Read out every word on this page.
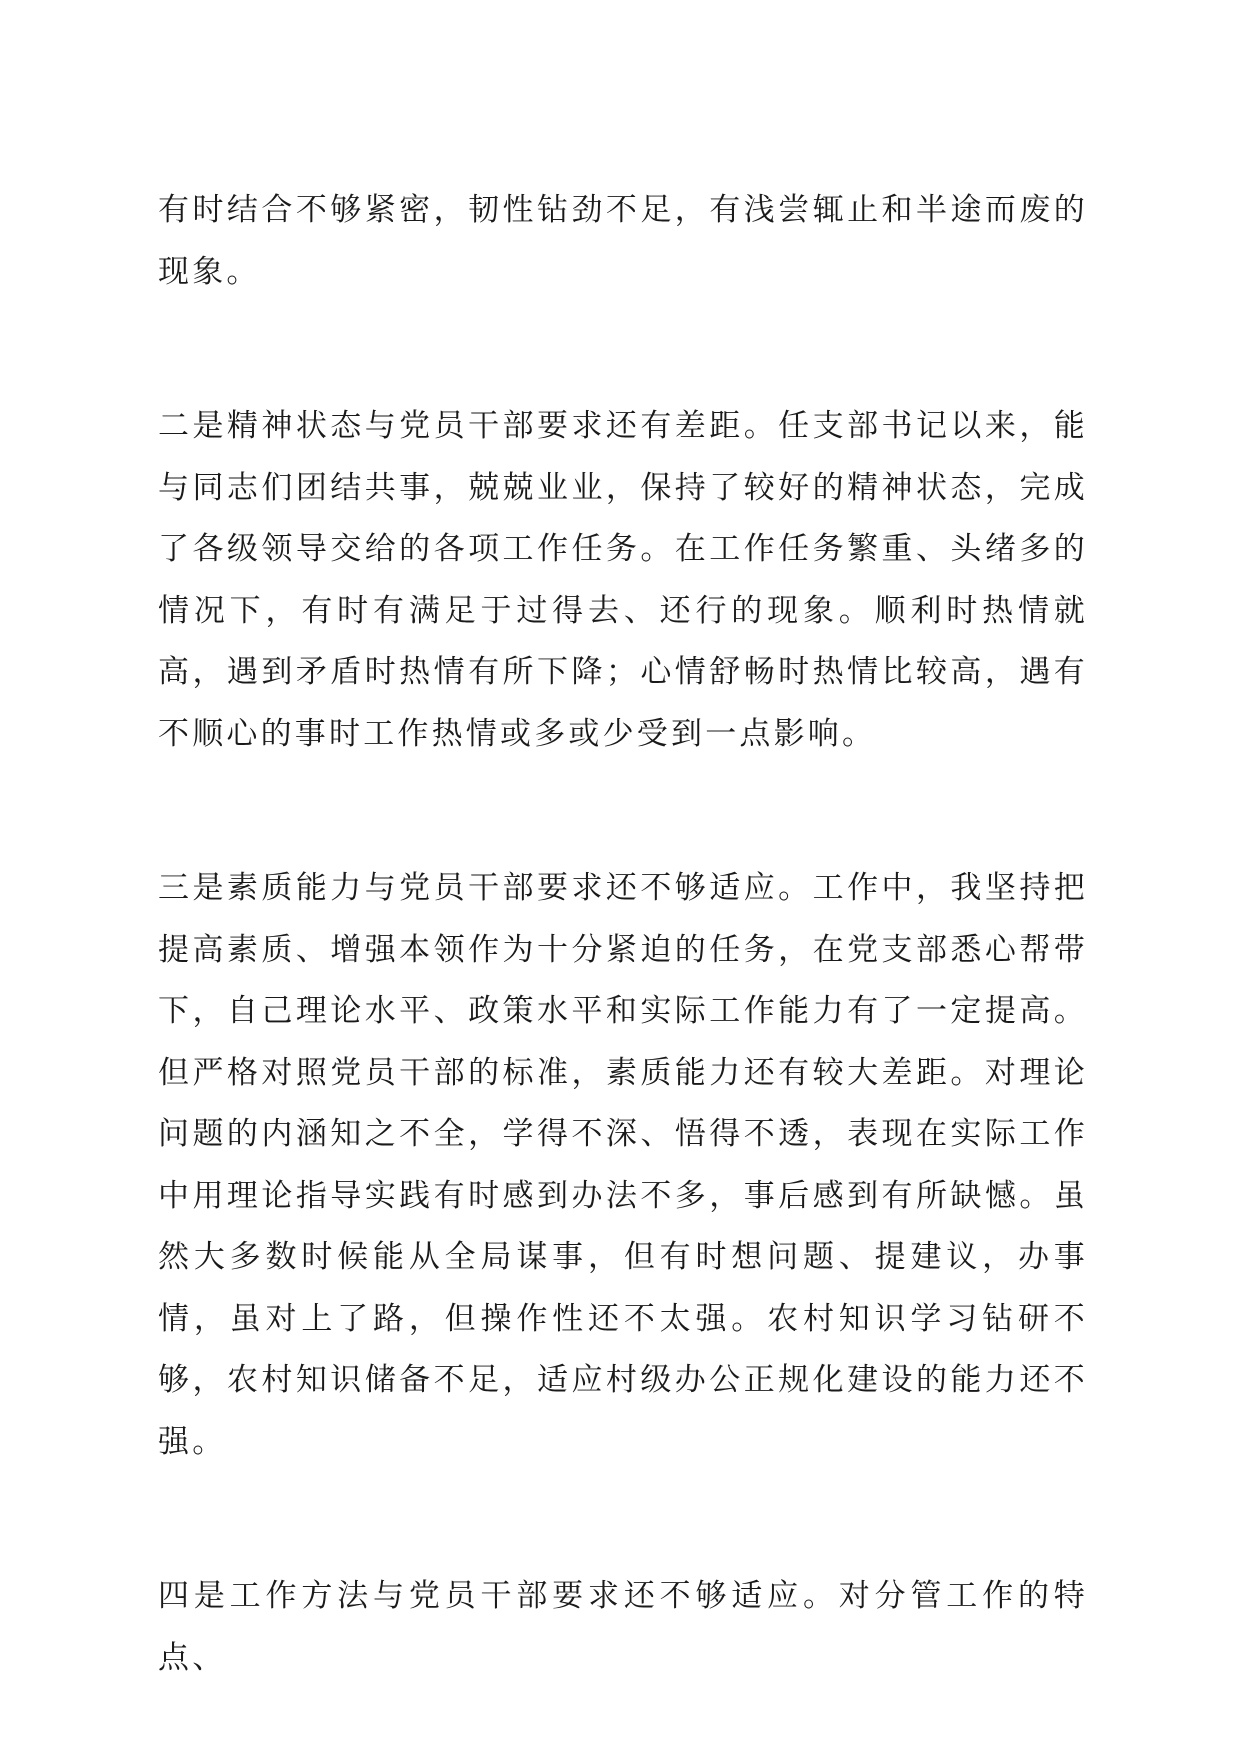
有时结合不够紧密，韧性钻劲不足，有浅尝辄止和半途而废的现象。

二是精神状态与党员干部要求还有差距。任支部书记以来，能与同志们团结共事，兢兢业业，保持了较好的精神状态，完成了各级领导交给的各项工作任务。在工作任务繁重、头绪多的情况下，有时有满足于过得去、还行的现象。顺利时热情就高，遇到矛盾时热情有所下降；心情舒畅时热情比较高，遇有不顺心的事时工作热情或多或少受到一点影响。

三是素质能力与党员干部要求还不够适应。工作中，我坚持把提高素质、增强本领作为十分紧迫的任务，在党支部悉心帮带下，自己理论水平、政策水平和实际工作能力有了一定提高。但严格对照党员干部的标准，素质能力还有较大差距。对理论问题的内涵知之不全，学得不深、悟得不透，表现在实际工作中用理论指导实践有时感到办法不多，事后感到有所缺憾。虽然大多数时候能从全局谋事，但有时想问题、提建议，办事情，虽对上了路，但操作性还不太强。农村知识学习钻研不够，农村知识储备不足，适应村级办公正规化建设的能力还不强。

四是工作方法与党员干部要求还不够适应。对分管工作的特点、
